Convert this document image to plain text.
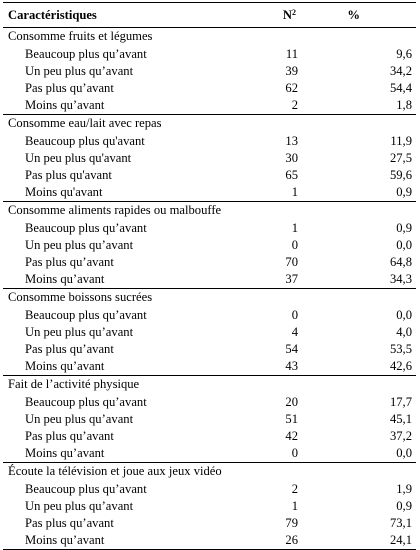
Caractéristiques	$N^2$	%
Consomme fruits et légumes
Beaucoup plus qu’avant	11	9,6
Un peu plus qu’avant	39	34,2
Pas plus qu’avant	62	54,4
Moins qu’avant	2	1,8
Consomme eau/lait avec repas
Beaucoup plus qu'avant	13	11,9
Un peu plus qu'avant	30	27,5
Pas plus qu'avant	65	59,6
Moins qu'avant	1	0,9
Consomme aliments rapides ou malbouffe
Beaucoup plus qu’avant	1	0,9
Un peu plus qu’avant	0	0,0
Pas plus qu’avant	70	64,8
Moins qu’avant	37	34,3
Consomme boissons sucrées
Beaucoup plus qu’avant	0	0,0
Un peu plus qu’avant	4	4,0
Pas plus qu’avant	54	53,5
Moins qu’avant	43	42,6
Fait de l’activité physique
Beaucoup plus qu’avant	20	17,7
Un peu plus qu’avant	51	45,1
Pas plus qu’avant	42	37,2
Moins qu’avant	0	0,0
Écoute la télévision et joue aux jeux vidéo
Beaucoup plus qu’avant	2	1,9
Un peu plus qu’avant	1	0,9
Pas plus qu’avant	79	73,1
Moins qu’avant	26	24,1
